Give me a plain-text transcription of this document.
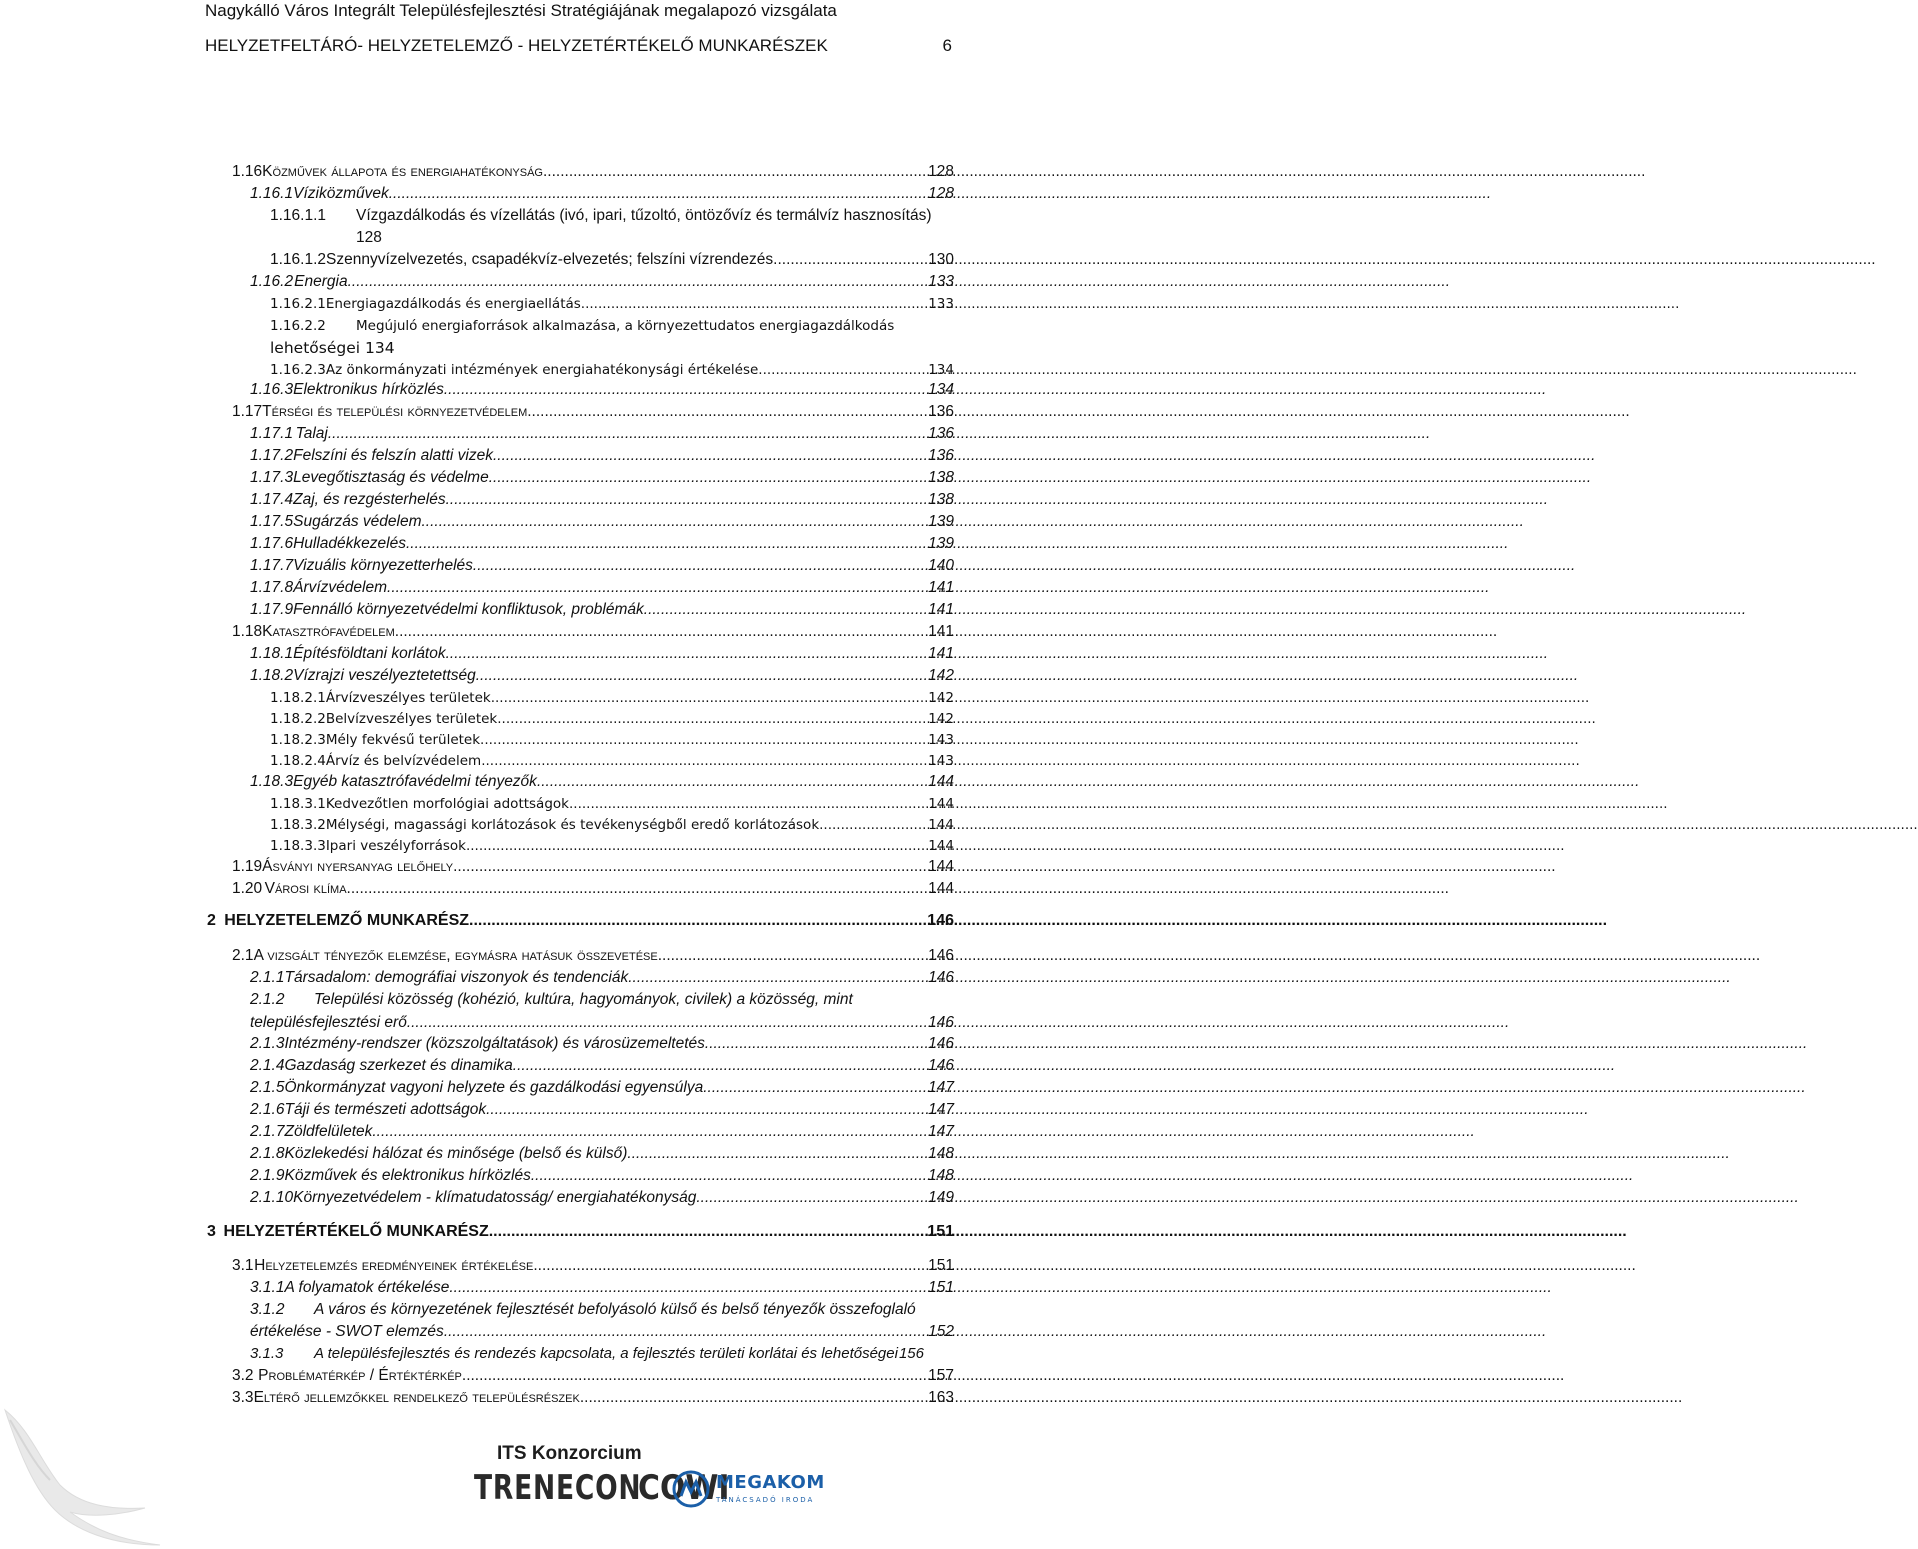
Nagykálló Város Integrált Településfejlesztési Stratégiájának megalapozó vizsgálata
HELYZETFELTÁRÓ- HELYZETELEMZŐ - HELYZETÉRTÉKELŐ MUNKARÉSZEK	6
1.16 Közművek állapota és energiahatékonyság .....	128
1.16.1 Víziközművek .....	128
1.16.1.1	Vízgazdálkodás és vízellátás (ivó, ipari, tűzoltó, öntözővíz és termálvíz hasznosítás)
128
1.16.1.2 Szennyvízelvezetés, csapadékvíz-elvezetés; felszíni vízrendezés .....	130
1.16.2 Energia .....	133
1.16.2.1 Energiagazdálkodás és energiaellátás .....	133
1.16.2.2	Megújuló energiaforrások alkalmazása, a környezettudatos energiagazdálkodás
lehetőségei 134
1.16.2.3 Az önkormányzati intézmények energiahatékonysági értékelése .....	134
1.16.3 Elektronikus hírközlés .....	134
1.17 Térségi és települési környezetvédelem .....	136
1.17.1 Talaj .....	136
1.17.2 Felszíni és felszín alatti vizek .....	136
1.17.3 Levegőtisztaság és védelme .....	138
1.17.4 Zaj, és rezgésterhelés .....	138
1.17.5 Sugárzás védelem .....	139
1.17.6 Hulladékkezelés .....	139
1.17.7 Vizuális környezetterhelés .....	140
1.17.8 Árvízvédelem .....	141
1.17.9 Fennálló környezetvédelmi konfliktusok, problémák .....	141
1.18 Katasztrófavédelem .....	141
1.18.1 Építésföldtani korlátok .....	141
1.18.2 Vízrajzi veszélyeztetettség .....	142
1.18.2.1 Árvízveszélyes területek .....	142
1.18.2.2 Belvízveszélyes területek .....	142
1.18.2.3 Mély fekvésű területek .....	143
1.18.2.4 Árvíz és belvízvédelem .....	143
1.18.3 Egyéb katasztrófavédelmi tényezők .....	144
1.18.3.1 Kedvezőtlen morfológiai adottságok .....	144
1.18.3.2 Mélységi, magassági korlátozások és tevékenységből eredő korlátozások .....	144
1.18.3.3 Ipari veszélyforrások .....	144
1.19 Ásványi nyersanyag lelőhely .....	144
1.20 Városi klíma .....	144
2 HELYZETELEMZŐ MUNKARÉSZ .....	146
2.1 A vizsgált tényezők elemzése, egymásra hatásuk összevetése .....	146
2.1.1 Társadalom: demográfiai viszonyok és tendenciák .....	146
2.1.2	Települési közösség (kohézió, kultúra, hagyományok, civilek) a közösség, mint
településfejlesztési erő .....	146
2.1.3 Intézmény-rendszer (közszolgáltatások) és városüzemeltetés .....	146
2.1.4 Gazdaság szerkezet és dinamika .....	146
2.1.5 Önkormányzat vagyoni helyzete és gazdálkodási egyensúlya .....	147
2.1.6 Táji és természeti adottságok .....	147
2.1.7 Zöldfelületek .....	147
2.1.8 Közlekedési hálózat és minősége (belső és külső) .....	148
2.1.9 Közművek és elektronikus hírközlés .....	148
2.1.10 Környezetvédelem - klímatudatosság/ energiahatékonyság .....	149
3 HELYZETÉRTÉKELŐ MUNKARÉSZ .....	151
3.1 Helyzetelemzés eredményeinek értékelése .....	151
3.1.1 A folyamatok értékelése .....	151
3.1.2	A város és környezetének fejlesztését befolyásoló külső és belső tényezők összefoglaló
értékelése - SWOT elemzés .....	152
3.1.3	A településfejlesztés és rendezés kapcsolata, a fejlesztés területi korlátai és lehetőségei 156
3.2 Problématérkép / Értéktérkép .....	157
3.3 Eltérő jellemzőkkel rendelkező településrészek .....	163
ITS Konzorcium
TRENECON
COWI
MEGAKOM
TANÁCSADÓ IRODA
